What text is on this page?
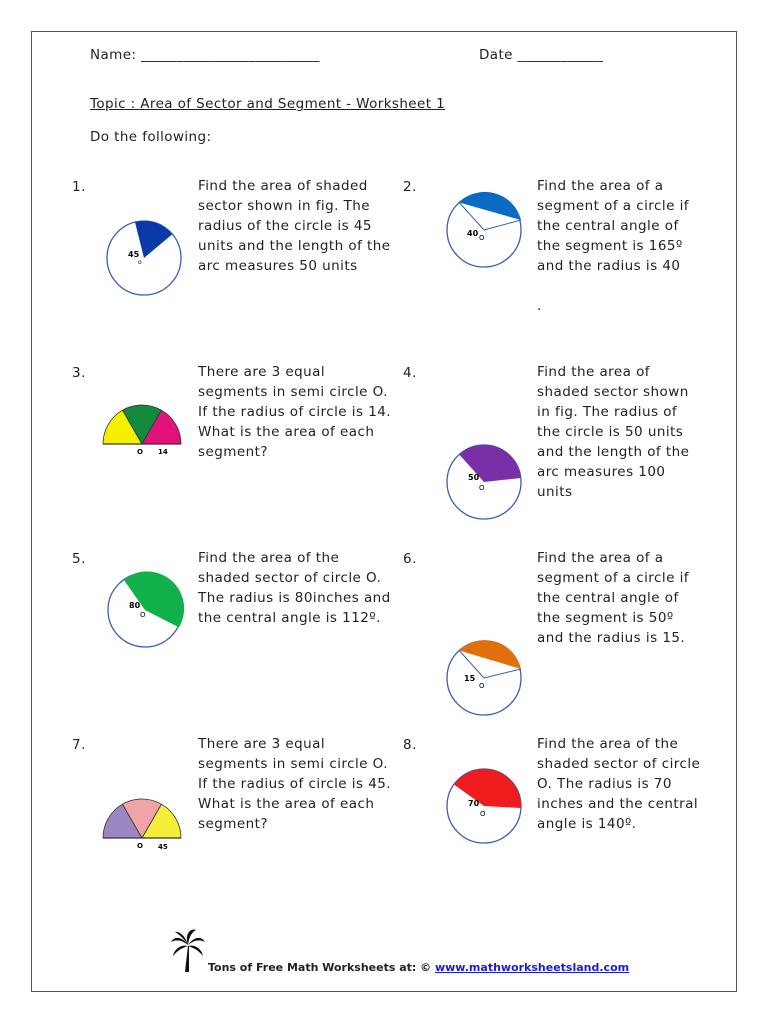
Name: _________________________	Date ____________
Topic : Area of Sector and Segment - Worksheet 1
Do the following:
1.
45
o
Find the area of shaded
sector shown in fig. The
radius of the circle is 45
units and the length of the
arc measures 50 units
2.
40 O
Find the area of a
segment of a circle if
the central angle of
the segment is 165º
and the radius is 40

.
3.
O 14
There are 3 equal
segments in semi circle O.
If the radius of circle is 14.
What is the area of each
segment?
4.
50
O
Find the area of
shaded sector shown
in fig. The radius of
the circle is 50 units
and the length of the
arc measures 100
units
5.
80
O
Find the area of the
shaded sector of circle O.
The radius is 80inches and
the central angle is 112º.
6.
15
O
Find the area of a
segment of a circle if
the central angle of
the segment is 50º
and the radius is 15.
7.
O 45
There are 3 equal
segments in semi circle O.
If the radius of circle is 45.
What is the area of each
segment?
8.
70
O
Find the area of the
shaded sector of circle
O. The radius is 70
inches and the central
angle is 140º.
Tons of Free Math Worksheets at: © www.mathworksheetsland.com
